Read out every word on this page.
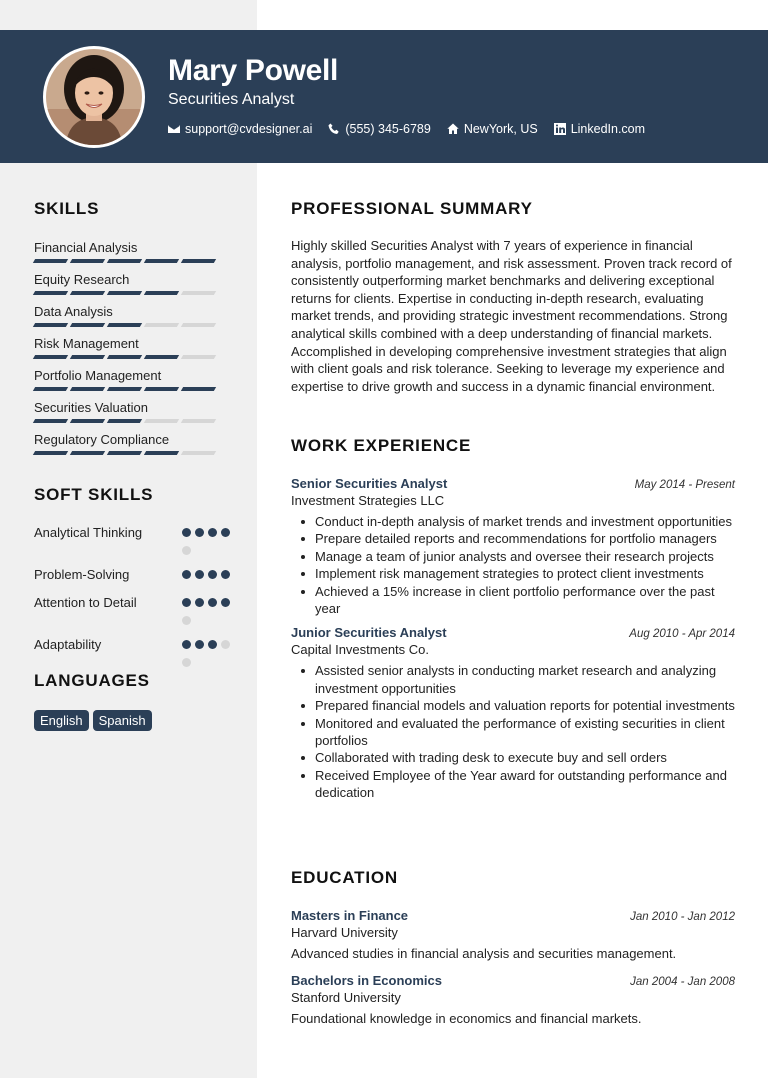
Mary Powell
Securities Analyst
support@cvdesigner.ai	(555) 345-6789	NewYork, US	LinkedIn.com
SKILLS
Financial Analysis
Equity Research
Data Analysis
Risk Management
Portfolio Management
Securities Valuation
Regulatory Compliance
SOFT SKILLS
Analytical Thinking
Problem-Solving
Attention to Detail
Adaptability
LANGUAGES
English	Spanish
PROFESSIONAL SUMMARY

Highly skilled Securities Analyst with 7 years of experience in financial analysis, portfolio management, and risk assessment. Proven track record of consistently outperforming market benchmarks and delivering exceptional returns for clients. Expertise in conducting in-depth research, evaluating market trends, and providing strategic investment recommendations. Strong analytical skills combined with a deep understanding of financial markets. Accomplished in developing comprehensive investment strategies that align with client goals and risk tolerance. Seeking to leverage my experience and expertise to drive growth and success in a dynamic financial environment.

WORK EXPERIENCE
Senior Securities Analyst	May 2014 - Present
Investment Strategies LLC
Conduct in-depth analysis of market trends and investment opportunities
Prepare detailed reports and recommendations for portfolio managers
Manage a team of junior analysts and oversee their research projects
Implement risk management strategies to protect client investments
Achieved a 15% increase in client portfolio performance over the past year
Junior Securities Analyst	Aug 2010 - Apr 2014
Capital Investments Co.
Assisted senior analysts in conducting market research and analyzing investment opportunities
Prepared financial models and valuation reports for potential investments
Monitored and evaluated the performance of existing securities in client portfolios
Collaborated with trading desk to execute buy and sell orders
Received Employee of the Year award for outstanding performance and dedication
EDUCATION
Masters in Finance	Jan 2010 - Jan 2012
Harvard University
Advanced studies in financial analysis and securities management.
Bachelors in Economics	Jan 2004 - Jan 2008
Stanford University
Foundational knowledge in economics and financial markets.
